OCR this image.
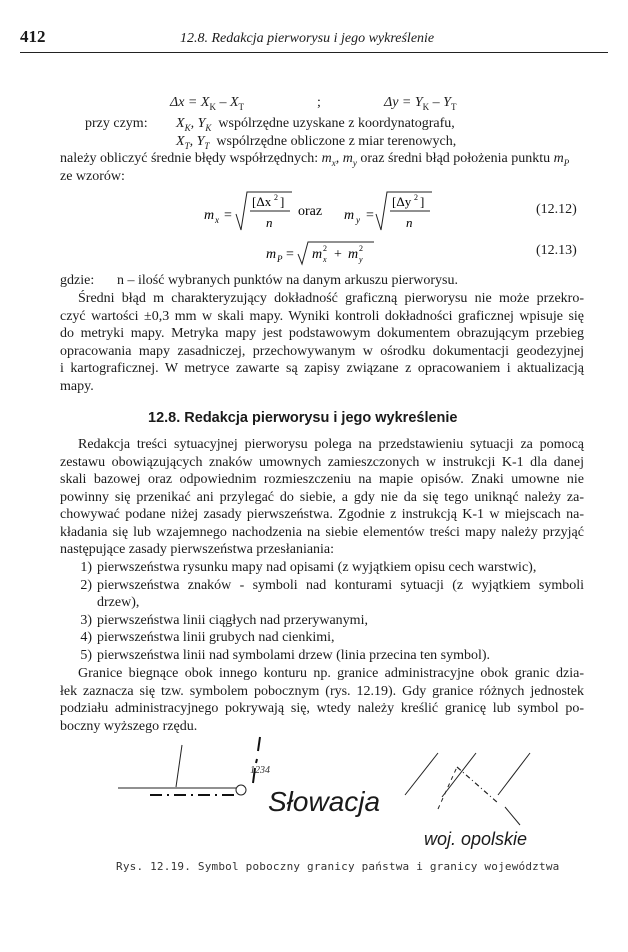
412	12.8. Redakcja pierworysu i jego wykreślenie
$\Delta x = X_K - X_T$	;	$\Delta y = Y_K - Y_T$
przy czym: $X_K$, $Y_K$ wspólrzędne uzyskane z koordynatografu,
$X_T$, $Y_T$ wspólrzędne obliczone z miar terenowych,
należy obliczyć średnie błędy współrzędnych: $m_x$, $m_y$ oraz średni błąd położenia punktu $m_P$
ze wzorów:
m x =
[Δx 2 ]
n
oraz m y =
[Δy 2 ]
n
(12.12)
m P = m 2
x + m 2
y
(12.13)
gdzie: n – ilość wybranych punktów na danym arkuszu pierworysu.
Średni błąd m charakteryzujący dokładność graficzną pierworysu nie może przekro-
czyć wartości ±0,3 mm w skali mapy. Wyniki kontroli dokładności graficznej wpisuje się
do metryki mapy. Metryka mapy jest podstawowym dokumentem obrazującym przebieg
opracowania mapy zasadniczej, przechowywanym w ośrodku dokumentacji geodezyjnej
i kartograficznej. W metryce zawarte są zapisy związane z opracowaniem i aktualizacją
mapy.
12.8. Redakcja pierworysu i jego wykreślenie
Redakcja treści sytuacyjnej pierworysu polega na przedstawieniu sytuacji za pomocą
zestawu obowiązujących znaków umownych zamieszczonych w instrukcji K-1 dla danej
skali bazowej oraz odpowiednim rozmieszczeniu na mapie opisów. Znaki umowne nie
powinny się przenikać ani przylegać do siebie, a gdy nie da się tego uniknąć należy za-
chowywać podane niżej zasady pierwszeństwa. Zgodnie z instrukcją K-1 w miejscach na-
kładania się lub wzajemnego nachodzenia na siebie elementów treści mapy należy przyjąć
następujące zasady pierwszeństwa przesłaniania:
1) pierwszeństwa rysunku mapy nad opisami (z wyjątkiem opisu cech warstwic),
2) pierwszeństwa znaków - symboli nad konturami sytuacji (z wyjątkiem symboli
drzew),
3) pierwszeństwa linii ciągłych nad przerywanymi,
4) pierwszeństwa linii grubych nad cienkimi,
5) pierwszeństwa linii nad symbolami drzew (linia przecina ten symbol).
Granice biegnące obok innego konturu np. granice administracyjne obok granic dzia-
łek zaznacza się tzw. symbolem pobocznym (rys. 12.19). Gdy granice różnych jednostek
podziału administracyjnego pokrywają się, wtedy należy kreślić granicę lub symbol po-
boczny wyższego rzędu.
1234
Słowacja
woj. opolskie
Rys. 12.19. Symbol poboczny granicy państwa i granicy województwa
